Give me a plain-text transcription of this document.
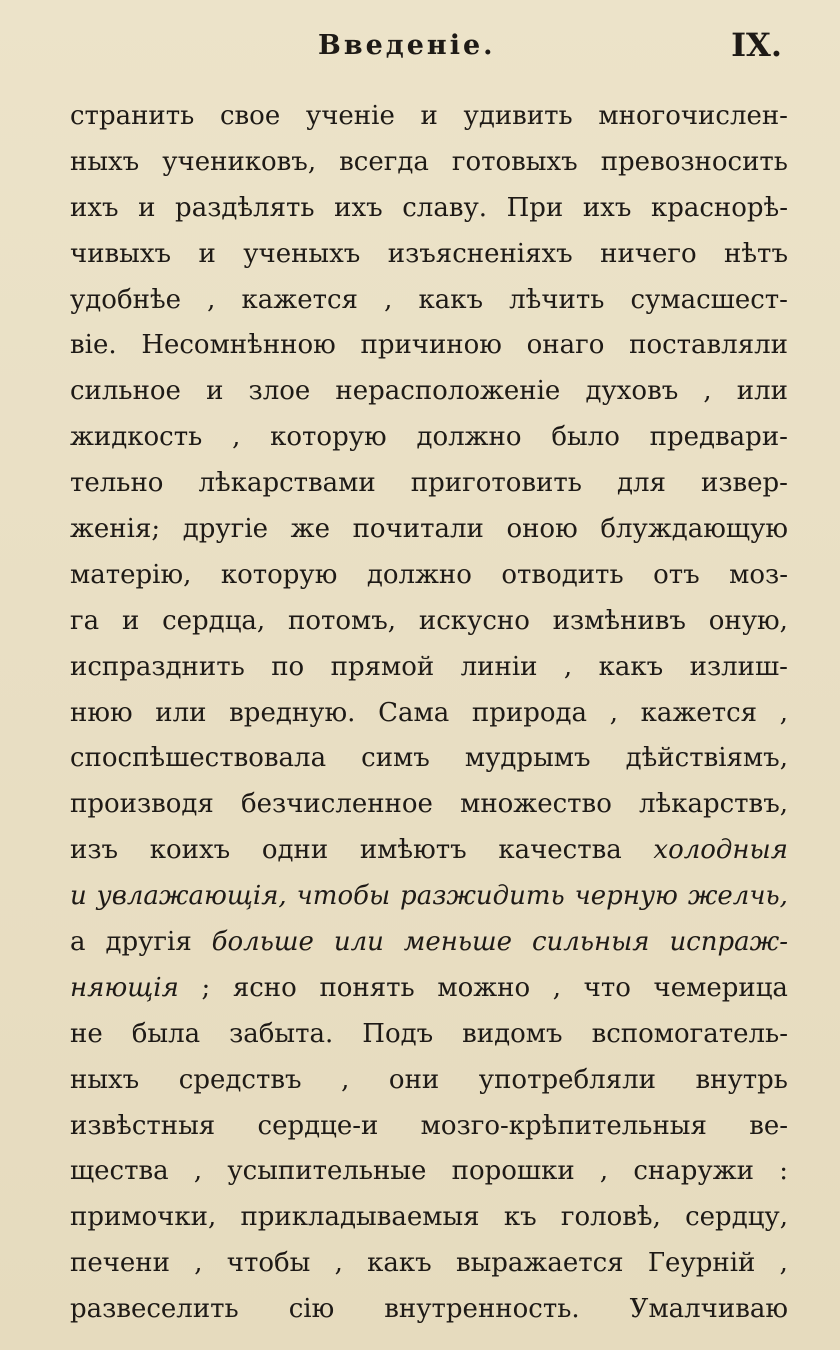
Введеніе.	IX.
странить свое ученіе и удивить многочислен-
ныхъ учениковъ, всегда готовыхъ превозносить
ихъ и раздѣлять ихъ славу. При ихъ краснорѣ-
чивыхъ и ученыхъ изъясненіяхъ ничего нѣтъ
удобнѣе , кажется , какъ лѣчить сумасшест-
віе. Несомнѣнною причиною онаго поставляли
сильное и злое нерасположеніе духовъ , или
жидкость , которую должно было предвари-
тельно лѣкарствами приготовить для извер-
женія; другіе же почитали оною блуждающую
матерію, которую должно отводить отъ моз-
га и сердца, потомъ, искусно измѣнивъ оную,
испразднить по прямой линіи , какъ излиш-
нюю или вредную. Сама природа , кажется ,
споспѣшествовала симъ мудрымъ дѣйствіямъ,
производя безчисленное множество лѣкарствъ,
изъ коихъ одни имѣютъ качества холодныя
и увлажающія, чтобы разжидить черную желчь,
а другія больше или меньше сильныя испраж-
няющія ; ясно понять можно , что чемерица
не была забыта. Подъ видомъ вспомогатель-
ныхъ средствъ , они употребляли внутрь
извѣстныя сердце-и мозго-крѣпительныя ве-
щества , усыпительные порошки , снаружи :
примочки, прикладываемыя къ головѣ, сердцу,
печени , чтобы , какъ выражается Геурній ,
развеселить сію внутренность. Умалчиваю
